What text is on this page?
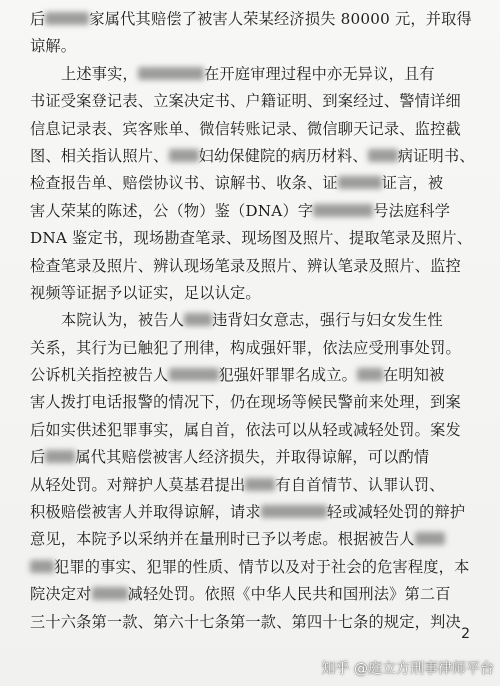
后	家属代其赔偿了被害人荣某经济损失 80000 元，并取得
谅解。
上述事实，	在开庭审理过程中亦无异议，且有
书证受案登记表、立案决定书、户籍证明、到案经过、警情详细
信息记录表、宾客账单、微信转账记录、微信聊天记录、监控截
图、相关指认照片、 妇幼保健院的病历材料、 病证明书、
检查报告单、赔偿协议书、谅解书、收条、证	证言，被
害人荣某的陈述，公（物）鉴（DNA）字	号法庭科学
DNA 鉴定书，现场勘查笔录、现场图及照片、提取笔录及照片、
检查笔录及照片、辨认现场笔录及照片、辨认笔录及照片、监控
视频等证据予以证实，足以认定。
本院认为，被告人 违背妇女意志，强行与妇女发生性
关系，其行为已触犯了刑律，构成强奸罪，依法应受刑事处罚。
公诉机关指控被告人	犯强奸罪罪名成立。 在明知被
害人拨打电话报警的情况下，仍在现场等候民警前来处理，到案
后如实供述犯罪事实，属自首，依法可以从轻或减轻处罚。案发
后 属代其赔偿被害人经济损失，并取得谅解，可以酌情
从轻处罚。对辩护人莫基君提出 有自首情节、认罪认罚、
积极赔偿被害人并取得谅解，请求	轻或减轻处罚的辩护
意见，本院予以采纳并在量刑时已予以考虑。根据被告人
犯罪的事实、犯罪的性质、情节以及对于社会的危害程度，本
院决定对 减轻处罚。依照《中华人民共和国刑法》第二百
三十六条第一款、第六十七条第一款、第四十七条的规定，判决
2
知乎 @庭立方刑事律师平台
